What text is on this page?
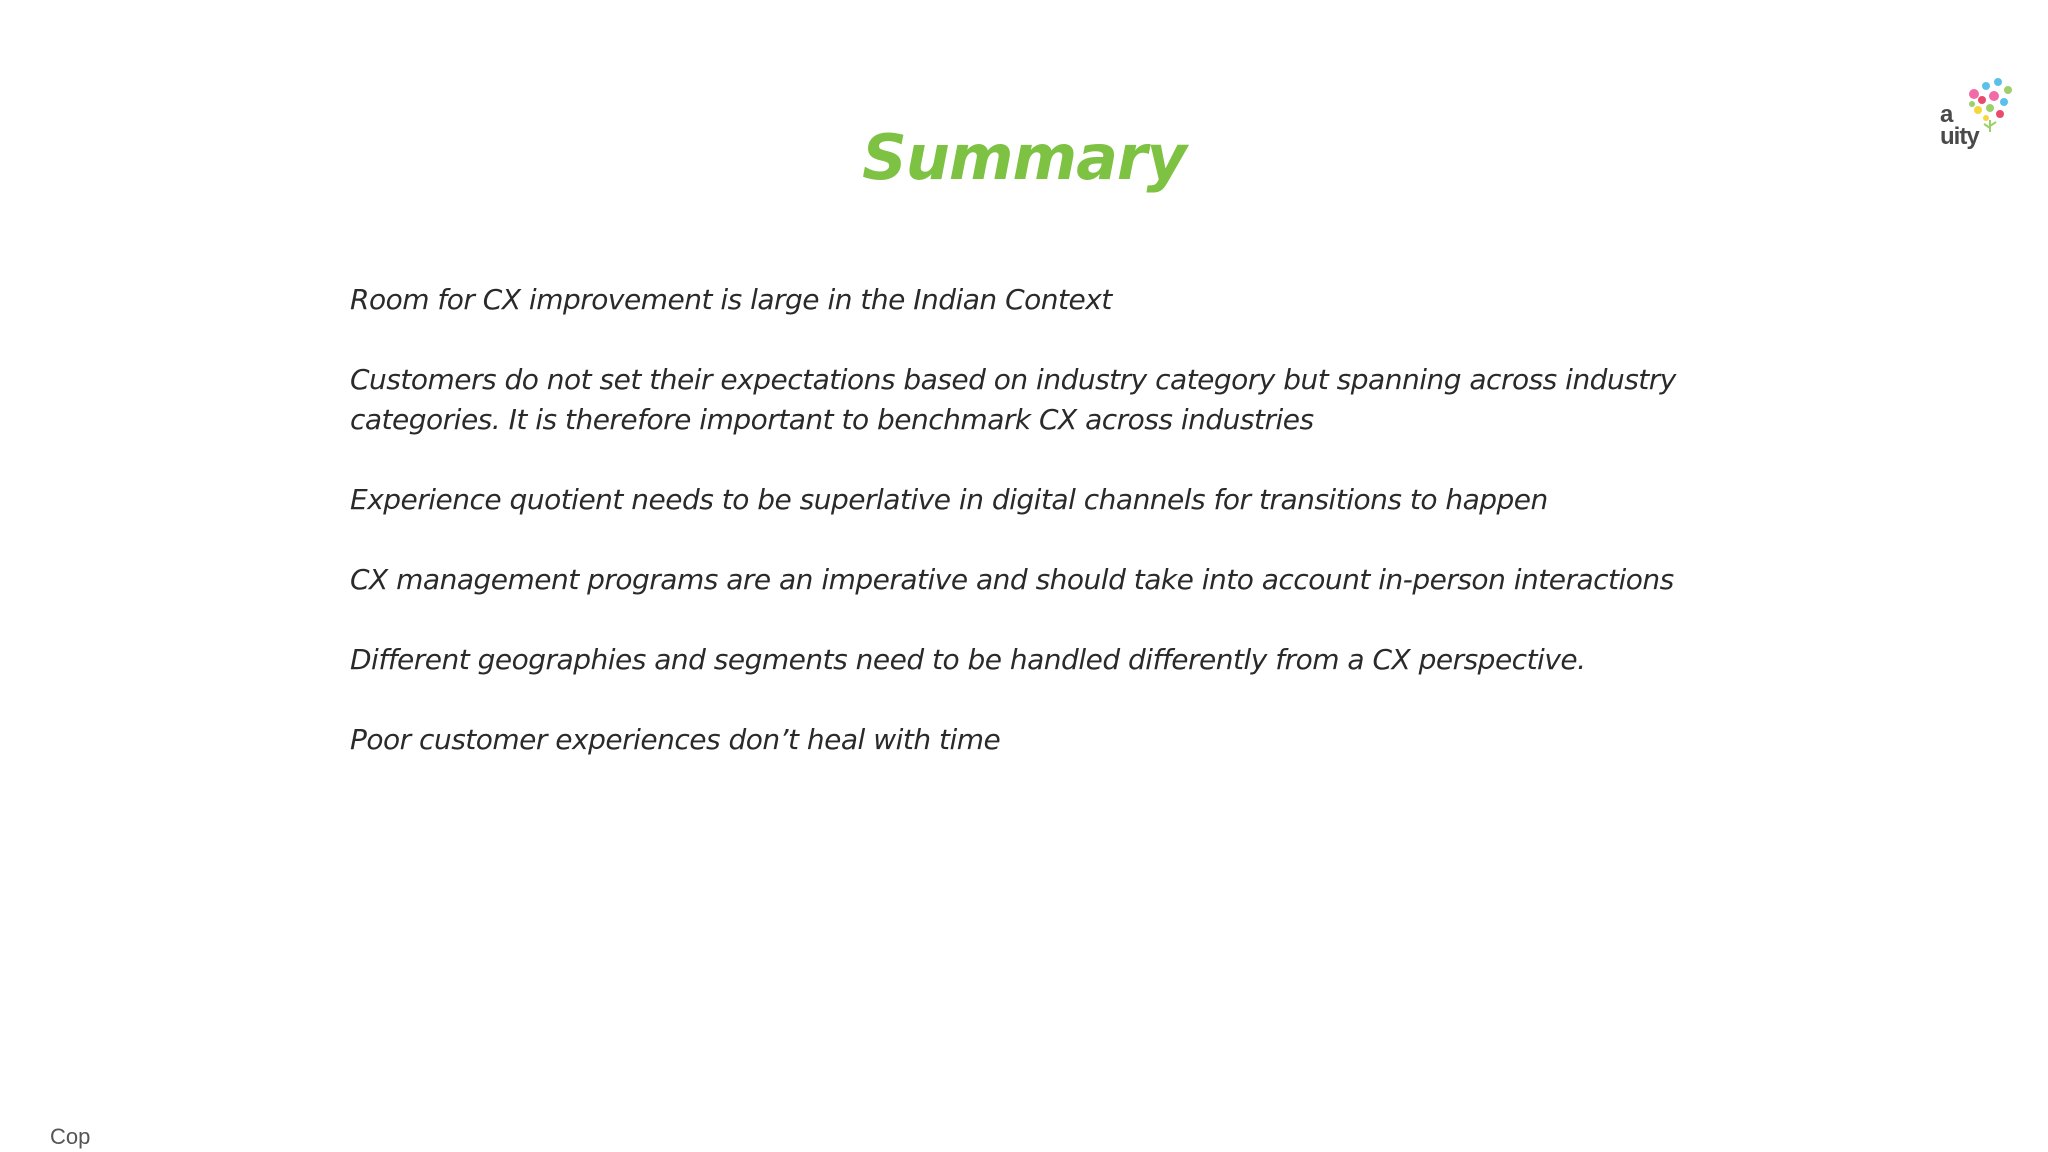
Summary
Room for CX improvement is large in the Indian Context
Customers do not set their expectations based on industry category but spanning across industry categories. It is therefore important to benchmark CX across industries
Experience quotient needs to be superlative in digital channels for transitions to happen
CX management programs are an imperative and should take into account in-person interactions
Different geographies and segments need to be handled differently from a CX perspective.
Poor customer experiences don’t heal with time
a
uity
Cop
